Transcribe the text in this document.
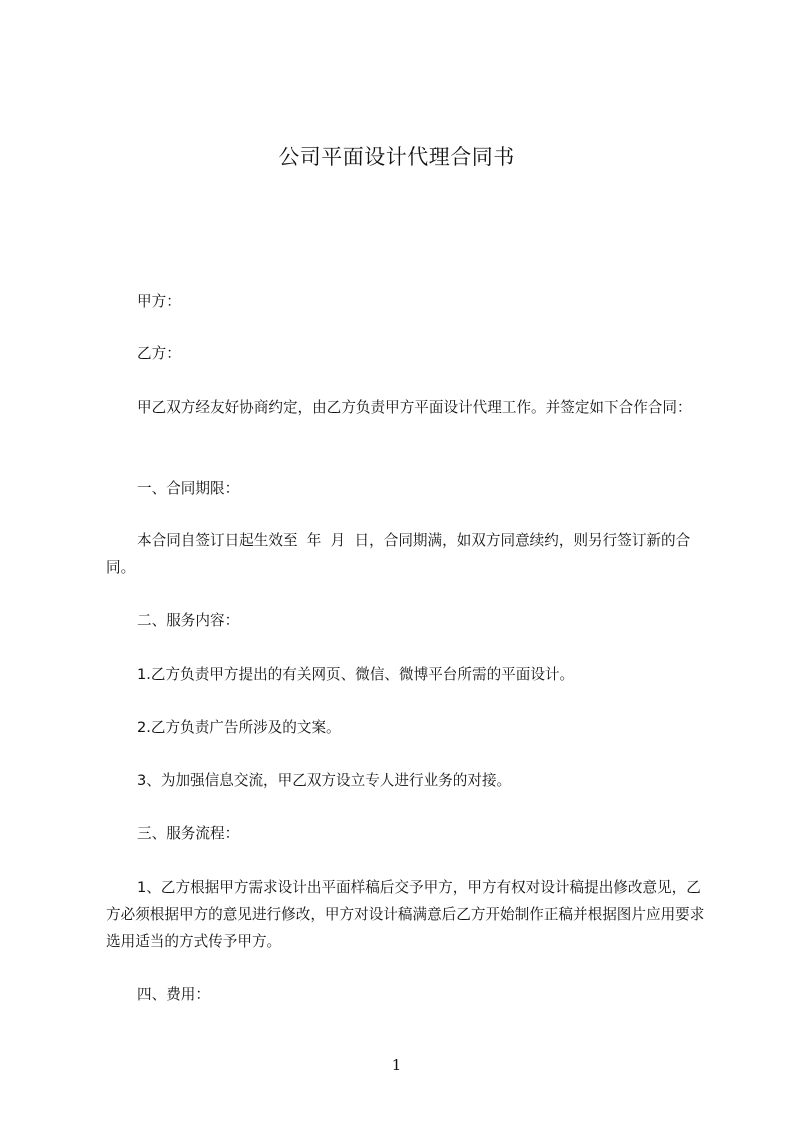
公司平面设计代理合同书
甲方：
乙方：
甲乙双方经友好协商约定，由乙方负责甲方平面设计代理工作。并签定如下合作合同：
一、合同期限：
本合同自签订日起生效至  年  月  日，合同期满，如双方同意续约，则另行签订新的合同。
二、服务内容：
1.乙方负责甲方提出的有关网页、微信、微博平台所需的平面设计。
2.乙方负责广告所涉及的文案。
3、为加强信息交流，甲乙双方设立专人进行业务的对接。
三、服务流程：
1、乙方根据甲方需求设计出平面样稿后交予甲方，甲方有权对设计稿提出修改意见，乙方必须根据甲方的意见进行修改，甲方对设计稿满意后乙方开始制作正稿并根据图片应用要求选用适当的方式传予甲方。
四、费用：
1
